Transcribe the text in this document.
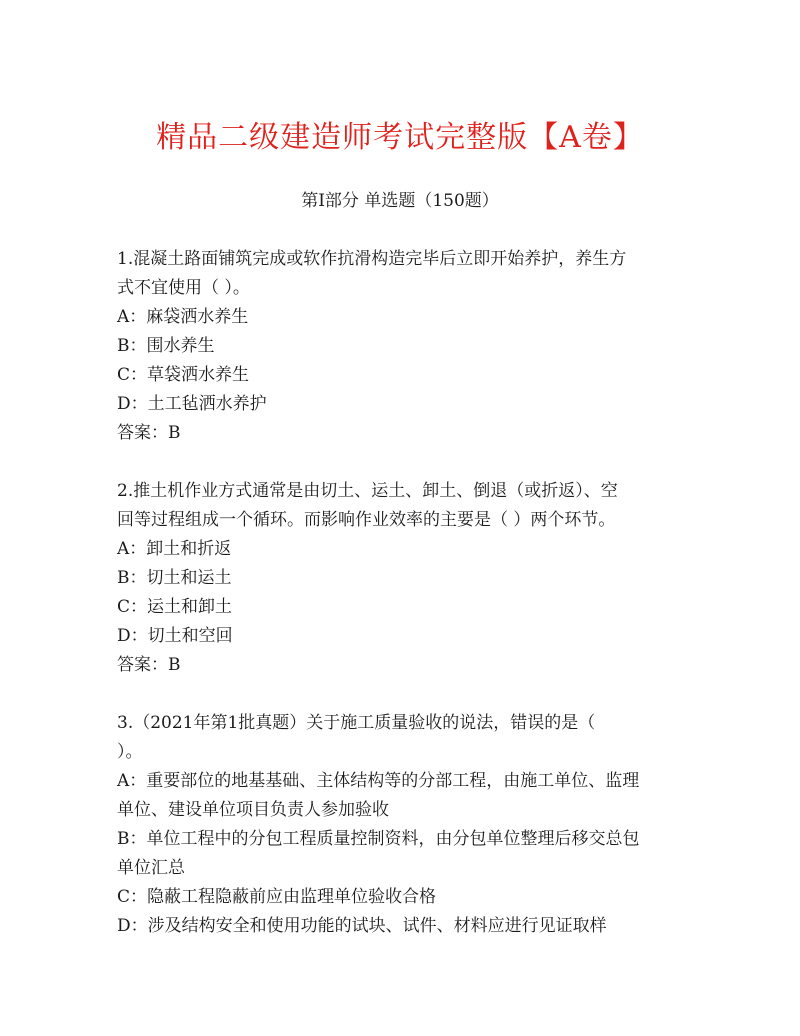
精品二级建造师考试完整版【A卷】
第I部分 单选题（150题）
1.混凝土路面铺筑完成或软作抗滑构造完毕后立即开始养护，养生方
式不宜使用（ ）。
A：麻袋洒水养生
B：围水养生
C：草袋洒水养生
D：土工毡洒水养护
答案：B
2.推土机作业方式通常是由切土、运土、卸土、倒退（或折返）、空
回等过程组成一个循环。而影响作业效率的主要是（ ）两个环节。
A：卸土和折返
B：切土和运土
C：运土和卸土
D：切土和空回
答案：B
3.（2021年第1批真题）关于施工质量验收的说法，错误的是（
）。
A：重要部位的地基基础、主体结构等的分部工程，由施工单位、监理
单位、建设单位项目负责人参加验收
B：单位工程中的分包工程质量控制资料，由分包单位整理后移交总包
单位汇总
C：隐蔽工程隐蔽前应由监理单位验收合格
D：涉及结构安全和使用功能的试块、试件、材料应进行见证取样
